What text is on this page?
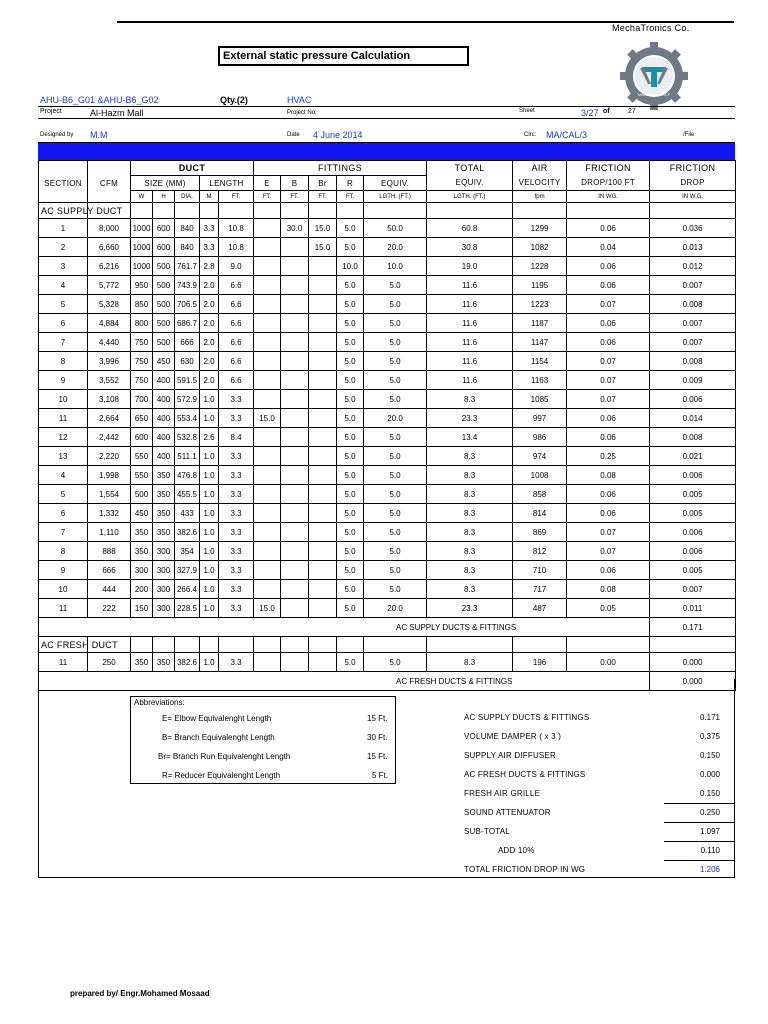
MechaTronics Co.
External static pressure Calculation
MechaTronics M.E.P
AHU-B6_G01 &AHU-B6_G02	Qty.(2)	HVAC
Project	Al-Hazm Mall	Project No.	Sheet	3/27 of	27
Designed by M.M	Date 4 June 2014	Clrc: MA/CAL/3	/File
		DUCT					FITTINGS					TOTAL	AIR	FRICTION	FRICTION
SECTION	CFM	SIZE (MM)			LENGTH		E	B	Br	R	EQUIV.	EQUIV.	VELOCITY	DROP/100 FT	DROP
		W	H	DIA.	M	FT.	FT.	FT.	FT.	FT.	LGTH. (FT.)	LGTH. (FT.)	fpm	IN WG.	IN W.G.
AC SUPPLY DUCT															
1	8,000	1000	600	840	3.3	10.8		30.0	15.0	5.0	50.0	60.8	1299	0.06	0.036
2	6,660	1000	600	840	3.3	10.8			15.0	5.0	20.0	30.8	1082	0.04	0.013
3	6,216	1000	500	761.7	2.8	9.0				10.0	10.0	19.0	1228	0.06	0.012
4	5,772	950	500	743.9	2.0	6.6				5.0	5.0	11.6	1195	0.06	0.007
5	5,328	850	500	706.5	2.0	6.6				5.0	5.0	11.6	1223	0.07	0.008
6	4,884	800	500	686.7	2.0	6.6				5.0	5.0	11.6	1187	0.06	0.007
7	4,440	750	500	666	2.0	6.6				5.0	5.0	11.6	1147	0.06	0.007
8	3,996	750	450	630	2.0	6.6				5.0	5.0	11.6	1154	0.07	0.008
9	3,552	750	400	591.5	2.0	6.6				5.0	5.0	11.6	1163	0.07	0.009
10	3,108	700	400	572.9	1.0	3.3				5.0	5.0	8.3	1085	0.07	0.006
11	2,664	650	400	553.4	1.0	3.3	15.0			5.0	20.0	23.3	997	0.06	0.014
12	2,442	600	400	532.8	2.6	8.4				5.0	5.0	13.4	986	0.06	0.008
13	2,220	550	400	511.1	1.0	3.3				5.0	5.0	8.3	974	0.25	0.021
4	1,998	550	350	476.8	1.0	3.3				5.0	5.0	8.3	1008	0.08	0.006
5	1,554	500	350	455.5	1.0	3.3				5.0	5.0	8.3	858	0.06	0.005
6	1,332	450	350	433	1.0	3.3				5.0	5.0	8.3	814	0.06	0.005
7	1,110	350	350	382.6	1.0	3.3				5.0	5.0	8.3	869	0.07	0.006
8	888	350	300	354	1.0	3.3				5.0	5.0	8.3	812	0.07	0.006
9	666	300	300	327.9	1.0	3.3				5.0	5.0	8.3	710	0.06	0.005
10	444	200	300	266.4	1.0	3.3				5.0	5.0	8.3	717	0.08	0.007
11	222	150	300	228.5	1.0	3.3	15.0			5.0	20.0	23.3	487	0.05	0.011
AC SUPPLY DUCTS & FITTINGS															0.171
AC FRESH DUCT															
11	250	350	350	382.6	1.0	3.3				5.0	5.0	8.3	196	0.00	0.000
AC FRESH DUCTS & FITTINGS															0.000
Abbreviations:
E= Elbow Equivalenght Length	15 Ft.
B= Branch Equivalenght Length	30 Ft.
Br= Branch Run Equivalenght Length	15 Ft.
R= Reducer Equivalenght Length	5 Ft.
AC SUPPLY DUCTS & FITTINGS	0.171
VOLUME DAMPER ( x 3 )	0.375
SUPPLY AIR DIFFUSER	0.150
AC FRESH DUCTS & FITTINGS	0.000
FRESH AIR GRILLE	0.150
SOUND ATTENUATOR	0.250
SUB-TOTAL	1.097
ADD 10%	0.110
TOTAL FRICTION DROP IN WG	1.206
prepared by/ Engr.Mohamed Mosaad
